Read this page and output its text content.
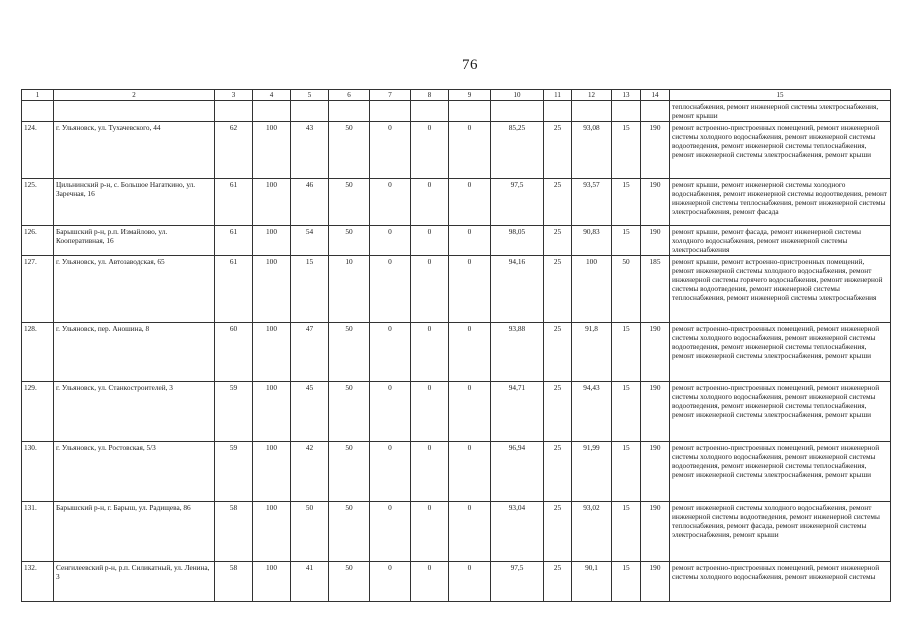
76
1	2	3	4	5	6	7	8	9	10	11	12	13	14	15
														теплоснабжения, ремонт инженерной системы электроснабжения, ремонт крыши
124.	г. Ульяновск, ул. Тухачевского, 44	62	100	43	50	0	0	0	85,25	25	93,08	15	190	ремонт встроенно-пристроенных помещений, ремонт инженерной системы холодного водоснабжения, ремонт инженерной системы водоотведения, ремонт инженерной системы теплоснабжения, ремонт инженерной системы электроснабжения, ремонт крыши
125.	Цильнинский р-н, с. Большое Нагаткино, ул. Заречная, 16	61	100	46	50	0	0	0	97,5	25	93,57	15	190	ремонт крыши, ремонт инженерной системы холодного водоснабжения, ремонт инженерной системы водоотведения, ремонт инженерной системы теплоснабжения, ремонт инженерной системы электроснабжения, ремонт фасада
126.	Барышский р-н, р.п. Измайлово, ул. Кооперативная, 16	61	100	54	50	0	0	0	98,05	25	90,83	15	190	ремонт крыши, ремонт фасада, ремонт инженерной системы холодного водоснабжения, ремонт инженерной системы электроснабжения
127.	г. Ульяновск, ул. Автозаводская, 65	61	100	15	10	0	0	0	94,16	25	100	50	185	ремонт крыши, ремонт встроенно-пристроенных помещений, ремонт инженерной системы холодного водоснабжения, ремонт инженерной системы горячего водоснабжения, ремонт инженерной системы водоотведения, ремонт инженерной системы теплоснабжения, ремонт инженерной системы электроснабжения
128.	г. Ульяновск, пер. Аношина, 8	60	100	47	50	0	0	0	93,88	25	91,8	15	190	ремонт встроенно-пристроенных помещений, ремонт инженерной системы холодного водоснабжения, ремонт инженерной системы водоотведения, ремонт инженерной системы теплоснабжения, ремонт инженерной системы электроснабжения, ремонт крыши
129.	г. Ульяновск, ул. Станкостроителей, 3	59	100	45	50	0	0	0	94,71	25	94,43	15	190	ремонт встроенно-пристроенных помещений, ремонт инженерной системы холодного водоснабжения, ремонт инженерной системы водоотведения, ремонт инженерной системы теплоснабжения, ремонт инженерной системы электроснабжения, ремонт крыши
130.	г. Ульяновск, ул. Ростовская, 5/3	59	100	42	50	0	0	0	96,94	25	91,99	15	190	ремонт встроенно-пристроенных помещений, ремонт инженерной системы холодного водоснабжения, ремонт инженерной системы водоотведения, ремонт инженерной системы теплоснабжения, ремонт инженерной системы электроснабжения, ремонт крыши
131.	Барышский р-н, г. Барыш, ул. Радищева, 86	58	100	50	50	0	0	0	93,04	25	93,02	15	190	ремонт инженерной системы холодного водоснабжения, ремонт инженерной системы водоотведения, ремонт инженерной системы теплоснабжения, ремонт фасада, ремонт инженерной системы электроснабжения, ремонт крыши
132.	Сенгилеевский р-н, р.п. Силикатный, ул. Ленина, 3	58	100	41	50	0	0	0	97,5	25	90,1	15	190	ремонт встроенно-пристроенных помещений, ремонт инженерной системы холодного водоснабжения, ремонт инженерной системы
